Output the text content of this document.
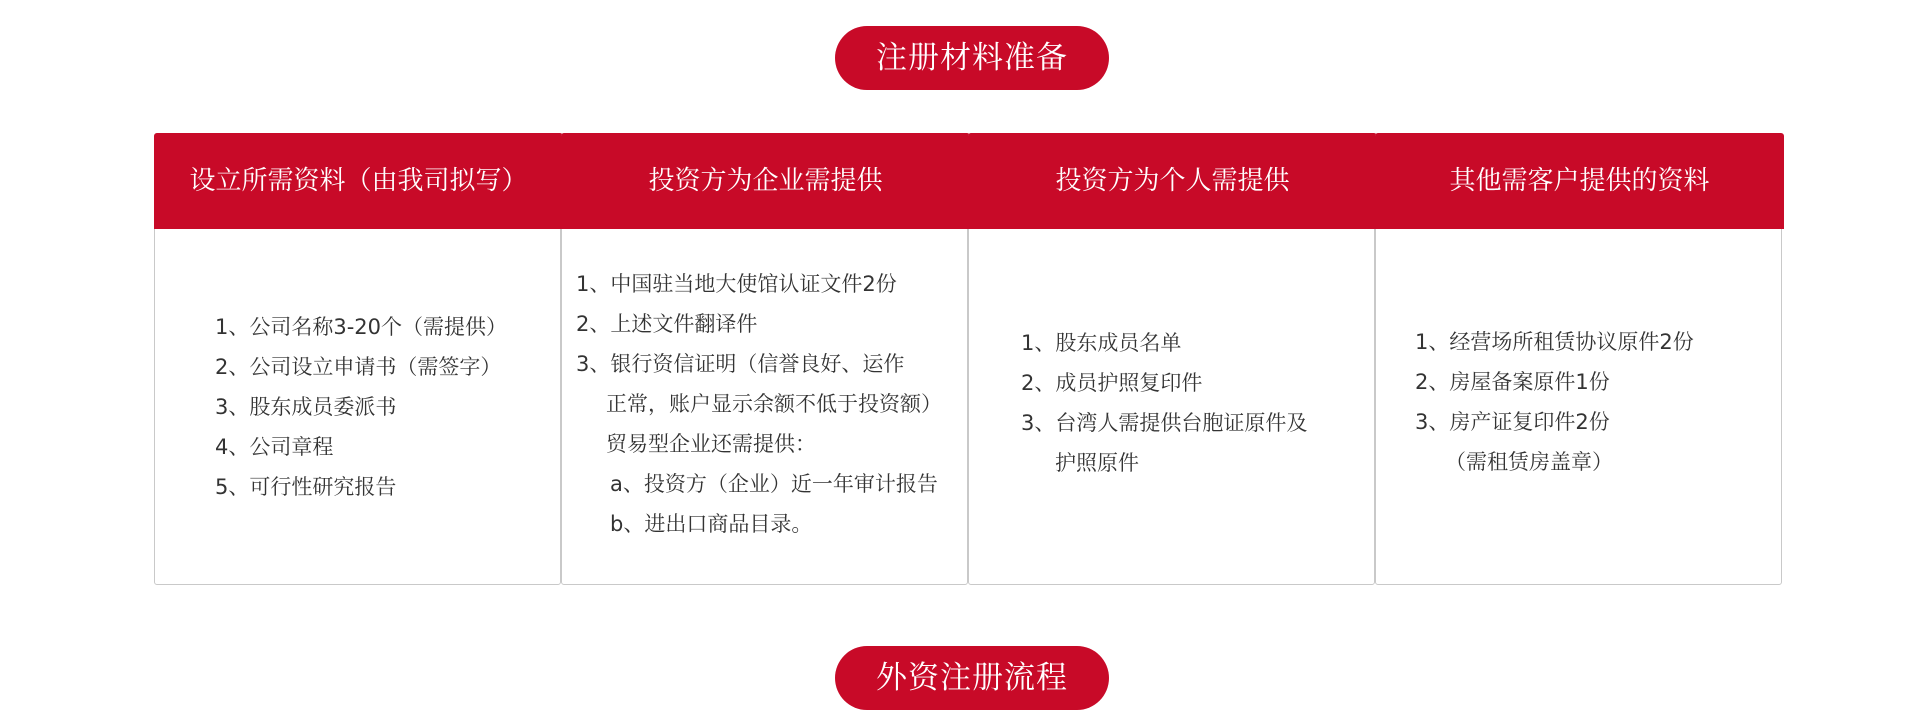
注册材料准备
设立所需资料（由我司拟写）
1、公司名称3-20个（需提供）
2、公司设立申请书（需签字）
3、股东成员委派书
4、公司章程
5、可行性研究报告
投资方为企业需提供
1、中国驻当地大使馆认证文件2份
2、上述文件翻译件
3、银行资信证明（信誉良好、运作
正常，账户显示余额不低于投资额）
贸易型企业还需提供：
a、投资方（企业）近一年审计报告
b、进出口商品目录。
投资方为个人需提供
1、股东成员名单
2、成员护照复印件
3、台湾人需提供台胞证原件及
护照原件
其他需客户提供的资料
1、经营场所租赁协议原件2份
2、房屋备案原件1份
3、房产证复印件2份
（需租赁房盖章）
外资注册流程
